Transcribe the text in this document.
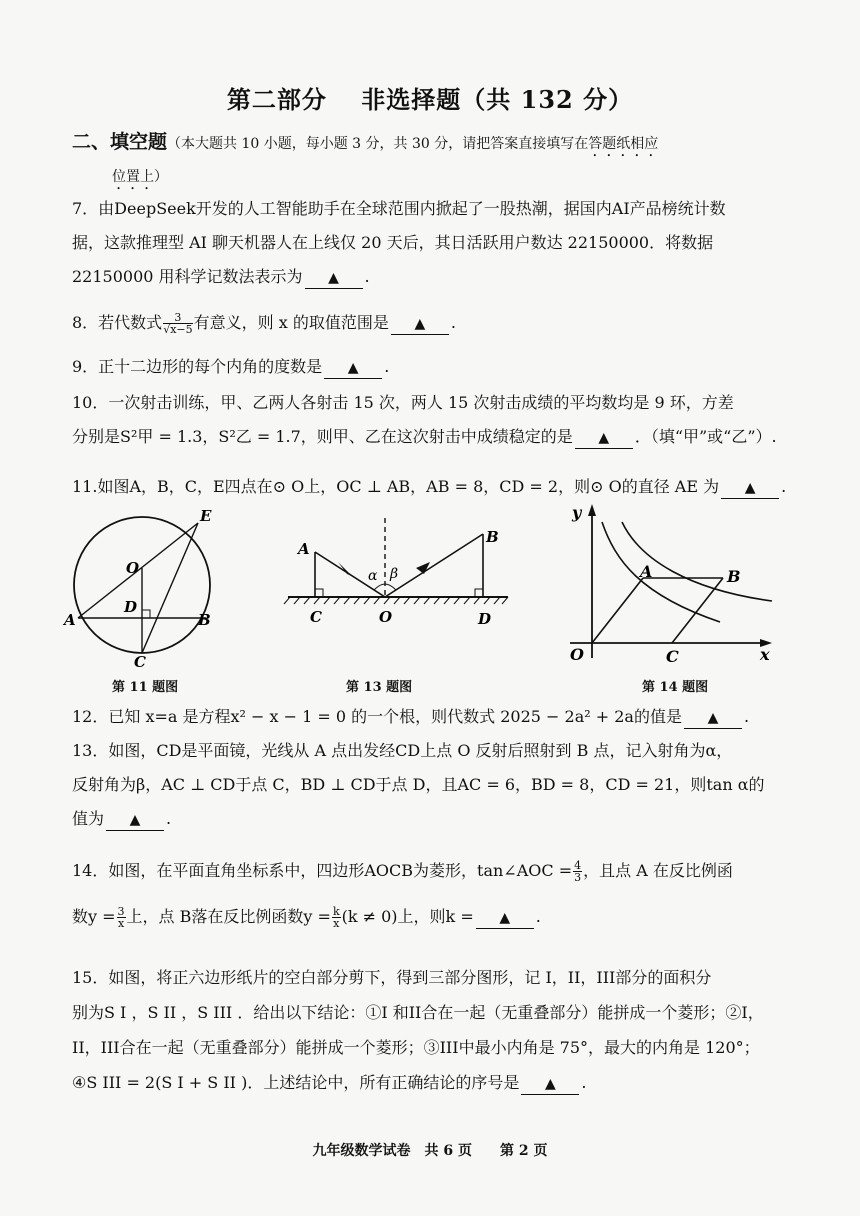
第二部分　 非选择题（共 132 分）
二、填空题（本大题共 10 小题，每小题 3 分，共 30 分，请把答案直接填写在答题纸相应
位置上）
7．由DeepSeek开发的人工智能助手在全球范围内掀起了一股热潮，据国内AI产品榜统计数
据，这款推理型 AI 聊天机器人在上线仅 20 天后，其日活跃用户数达 22150000．将数据
22150000 用科学记数法表示为 ▲ .
8．若代数式 $\frac{3}{√x-5}$ 有意义，则 x 的取值范围是 ▲ .
9．正十二边形的每个内角的度数是 ▲ .
10．一次射击训练，甲、乙两人各射击 15 次，两人 15 次射击成绩的平均数均是 9 环，方差
分别是S²甲 = 1.3，S²乙 = 1.7，则甲、乙在这次射击中成绩稳定的是 ▲ ．（填“甲”或“乙”）.
11.如图A，B，C，E四点在⊙ O上，OC ⊥ AB，AB = 8，CD = 2，则⊙ O的直径 AE 为 ▲ .
E
O
D
A	B
C
第 11 题图
A
B
C	O	D
α β
第 13 题图
y
x
O
A	B
C
第 14 题图
12．已知 x=a 是方程x² − x − 1 = 0 的一个根，则代数式 2025 − 2a² + 2a的值是 ▲ .
13．如图，CD是平面镜，光线从 A 点出发经CD上点 O 反射后照射到 B 点，记入射角为α，
反射角为β，AC ⊥ CD于点 C，BD ⊥ CD于点 D，且AC = 6，BD = 8，CD = 21，则tan α的
值为 ▲ .
14．如图，在平面直角坐标系中，四边形AOCB为菱形，tan∠AOC = $\frac{4}{3}$ ，且点 A 在反比例函
数$y = \frac{3}{x}$ 上，点 B落在反比例函数$y = \frac{k}{x} (k \ne 0)$上，则k = ▲ .
15．如图，将正六边形纸片的空白部分剪下，得到三部分图形，记 I，II，III部分的面积分
别为S I ，S II ，S III ．给出以下结论：①I 和II合在一起（无重叠部分）能拼成一个菱形；②I，
II，III合在一起（无重叠部分）能拼成一个菱形；③III中最小内角是 75°，最大的内角是 120°；
④S III = 2(S I + S II )．上述结论中，所有正确结论的序号是 ▲ .
九年级数学试卷　共 6 页　　第 2 页
